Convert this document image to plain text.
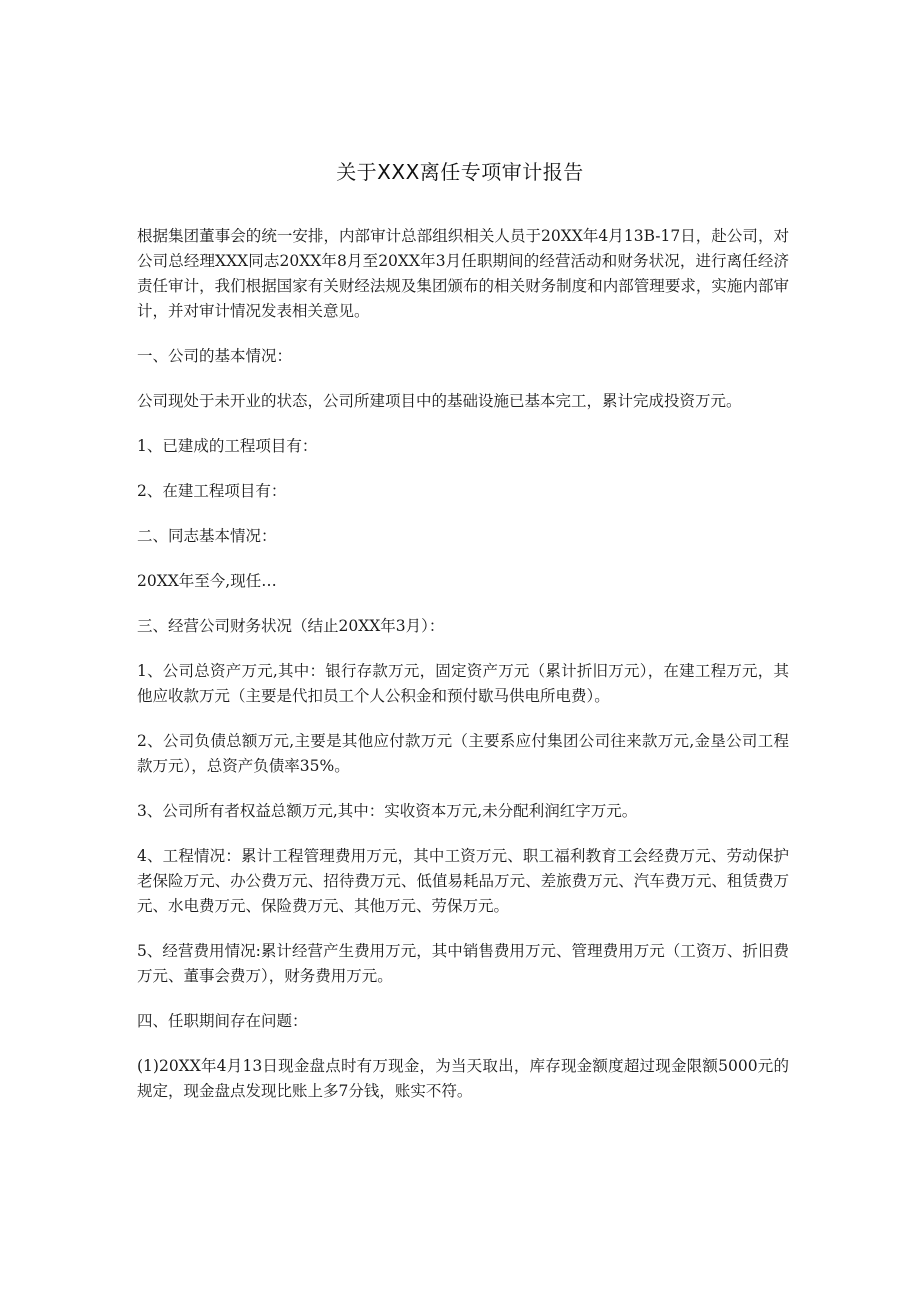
关于XXX离任专项审计报告

根据集团董事会的统一安排，内部审计总部组织相关人员于20XX年4月13B-17日，赴公司，对公司总经理XXX同志20XX年8月至20XX年3月任职期间的经营活动和财务状况，进行离任经济责任审计，我们根据国家有关财经法规及集团颁布的相关财务制度和内部管理要求，实施内部审计，并对审计情况发表相关意见。

一、公司的基本情况：

公司现处于未开业的状态，公司所建项目中的基础设施已基本完工，累计完成投资万元。

1、已建成的工程项目有：

2、在建工程项目有：

二、同志基本情况：

20XX年至今,现任…

三、经营公司财务状况（结止20XX年3月）：

1、公司总资产万元,其中：银行存款万元，固定资产万元（累计折旧万元），在建工程万元，其他应收款万元（主要是代扣员工个人公积金和预付歇马供电所电费）。

2、公司负债总额万元,主要是其他应付款万元（主要系应付集团公司往来款万元,金垦公司工程款万元），总资产负债率35%。

3、公司所有者权益总额万元,其中：实收资本万元,未分配利润红字万元。

4、工程情况：累计工程管理费用万元，其中工资万元、职工福利教育工会经费万元、劳动保护老保险万元、办公费万元、招待费万元、低值易耗品万元、差旅费万元、汽车费万元、租赁费万元、水电费万元、保险费万元、其他万元、劳保万元。

5、经营费用情况:累计经营产生费用万元，其中销售费用万元、管理费用万元（工资万、折旧费万元、董事会费万），财务费用万元。

四、任职期间存在问题：

(1)20XX年4月13日现金盘点时有万现金，为当天取出，库存现金额度超过现金限额5000元的规定，现金盘点发现比账上多7分钱，账实不符。
